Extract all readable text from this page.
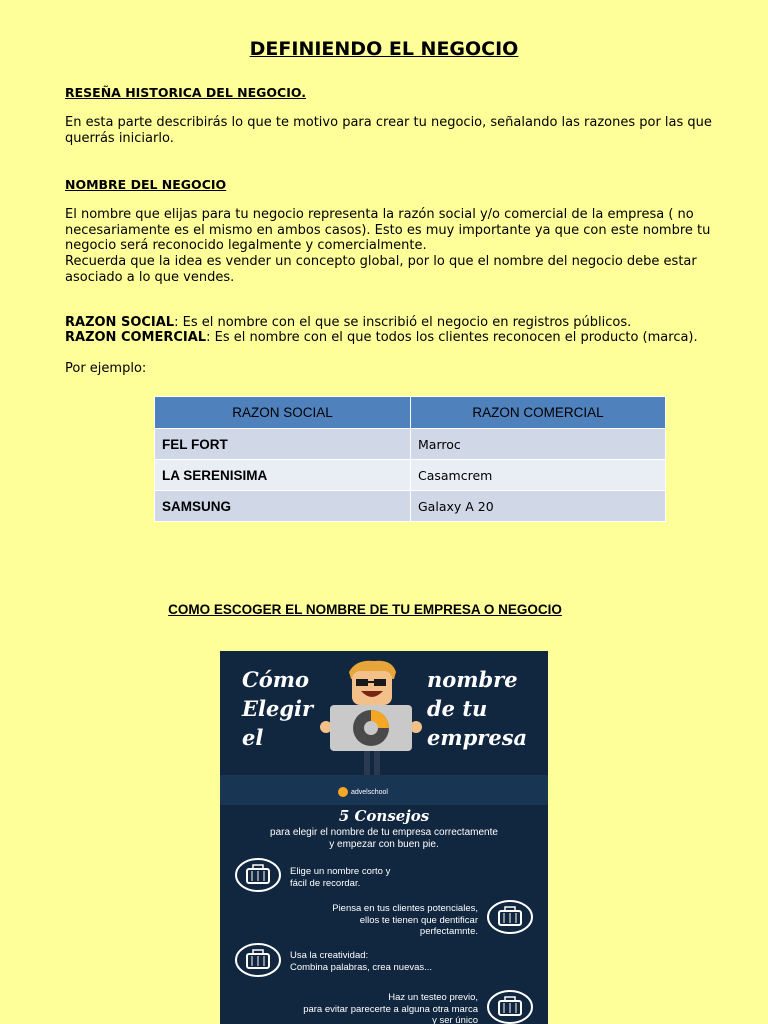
DEFINIENDO EL NEGOCIO
RESEÑA HISTORICA DEL NEGOCIO.
En esta parte describirás lo que te motivo para crear tu negocio, señalando las razones por las que querrás iniciarlo.
NOMBRE DEL NEGOCIO
El nombre que elijas para tu negocio representa la razón social y/o comercial de la empresa ( no necesariamente es el mismo en ambos casos). Esto es muy importante ya que con este nombre tu negocio será reconocido legalmente y comercialmente.
Recuerda que la idea es vender un concepto global, por lo que el nombre del negocio debe estar asociado a lo que vendes.
RAZON SOCIAL: Es el nombre con el que se inscribió el negocio en registros públicos.
RAZON COMERCIAL: Es el nombre con el que todos los clientes reconocen el producto (marca).
Por ejemplo:
RAZON SOCIAL	RAZON COMERCIAL
FEL FORT	Marroc
LA SERENISIMA	Casamcrem
SAMSUNG	Galaxy A 20
COMO ESCOGER EL NOMBRE DE TU EMPRESA O NEGOCIO
Cómo
Elegir
el
nombre
de tu
empresa
advelschool
5 Consejos
para elegir el nombre de tu empresa correctamente
y empezar con buen pie.
Elige un nombre corto y
fácil de recordar.
Piensa en tus clientes potenciales,
ellos te tienen que dentificar
perfectamnte.
Usa la creatividad:
Combina palabras, crea nuevas...
Haz un testeo previo,
para evitar parecerte a alguna otra marca
y ser único
